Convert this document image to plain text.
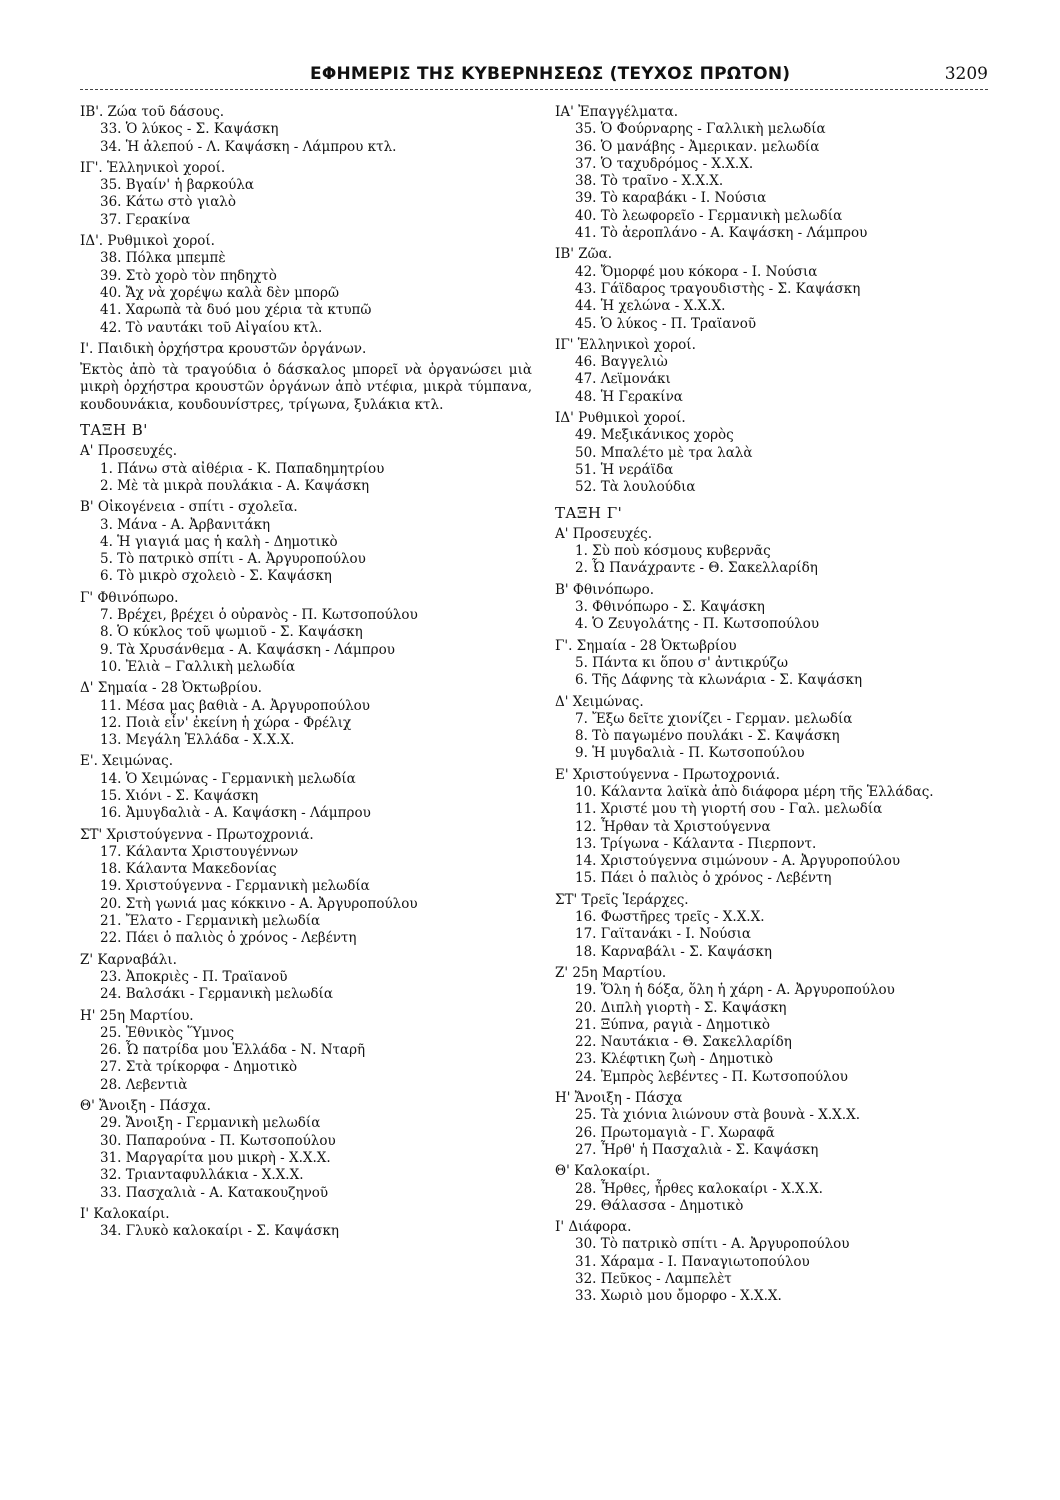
ΕΦΗΜΕΡΙΣ ΤΗΣ ΚΥΒΕΡΝΗΣΕΩΣ (ΤΕΥΧΟΣ ΠΡΩΤΟΝ)	3209
ΙΒ'. Ζώα τοῦ δάσους.
33. Ὁ λύκος - Σ. Καψάσκη
34. Ἡ ἀλεπού - Λ. Καψάσκη - Λάμπρου κτλ.
ΙΓ'. Ἑλληνικοὶ χοροί.
35. Βγαίν' ἡ βαρκούλα
36. Κάτω στὸ γιαλὸ
37. Γερακίνα
ΙΔ'. Ρυθμικοὶ χοροί.
38. Πόλκα μπεμπὲ
39. Στὸ χορὸ τὸν πηδηχτὸ
40. Ἄχ νὰ χορέψω καλὰ δὲν μπορῶ
41. Χαρωπὰ τὰ δυό μου χέρια τὰ κτυπῶ
42. Τὸ ναυτάκι τοῦ Αἰγαίου κτλ.
Ι'. Παιδικὴ ὀρχήστρα κρουστῶν ὀργάνων.
Ἐκτὸς ἀπὸ τὰ τραγούδια ὁ δάσκαλος μπορεῖ νὰ ὀργανώσει μιὰ μικρὴ ὀρχήστρα κρουστῶν ὀργάνων ἀπὸ ντέφια, μικρὰ τύμπανα, κουδουνάκια, κουδουνίστρες, τρίγωνα, ξυλάκια κτλ.
ΤΑΞΗ Β'
Α' Προσευχές.
1. Πάνω στὰ αἰθέρια - Κ. Παπαδημητρίου
2. Μὲ τὰ μικρὰ πουλάκια - Α. Καψάσκη
Β' Οἰκογένεια - σπίτι - σχολεῖα.
3. Μάνα - Α. Ἀρβανιτάκη
4. Ἡ γιαγιά μας ἡ καλὴ - Δημοτικὸ
5. Τὸ πατρικὸ σπίτι - Α. Ἀργυροπούλου
6. Τὸ μικρὸ σχολειὸ - Σ. Καψάσκη
Γ' Φθινόπωρο.
7. Βρέχει, βρέχει ὁ οὐρανὸς - Π. Κωτσοπούλου
8. Ὁ κύκλος τοῦ ψωμιοῦ - Σ. Καψάσκη
9. Τὰ Χρυσάνθεμα - Α. Καψάσκη - Λάμπρου
10. Ἐλιὰ – Γαλλικὴ μελωδία
Δ' Σημαία - 28 Ὀκτωβρίου.
11. Μέσα μας βαθιὰ - Α. Ἀργυροπούλου
12. Ποιὰ εἶν' ἐκείνη ἡ χώρα - Φρέλιχ
13. Μεγάλη Ἑλλάδα - Χ.Χ.Χ.
Ε'. Χειμώνας.
14. Ὁ Χειμώνας - Γερμανικὴ μελωδία
15. Χιόνι - Σ. Καψάσκη
16. Ἀμυγδαλιὰ - Α. Καψάσκη - Λάμπρου
ΣΤ' Χριστούγεννα - Πρωτοχρονιά.
17. Κάλαντα Χριστουγέννων
18. Κάλαντα Μακεδονίας
19. Χριστούγεννα - Γερμανικὴ μελωδία
20. Στὴ γωνιά μας κόκκινο - Α. Ἀργυροπούλου
21. Ἔλατο - Γερμανικὴ μελωδία
22. Πάει ὁ παλιὸς ὁ χρόνος - Λεβέντη
Ζ' Καρναβάλι.
23. Ἀποκριὲς - Π. Τραϊανοῦ
24. Βαλσάκι - Γερμανικὴ μελωδία
Η' 25η Μαρτίου.
25. Ἐθνικὸς Ὕμνος
26. Ὦ πατρίδα μου Ἑλλάδα - Ν. Νταρῆ
27. Στὰ τρίκορφα - Δημοτικὸ
28. Λεβεντιὰ
Θ' Ἄνοιξη - Πάσχα.
29. Ἄνοιξη - Γερμανικὴ μελωδία
30. Παπαρούνα - Π. Κωτσοπούλου
31. Μαργαρίτα μου μικρὴ - Χ.Χ.Χ.
32. Τριανταφυλλάκια - Χ.Χ.Χ.
33. Πασχαλιὰ - Α. Κατακουζηνοῦ
Ι' Καλοκαίρι.
34. Γλυκὸ καλοκαίρι - Σ. Καψάσκη
ΙΑ' Ἐπαγγέλματα.
35. Ὁ Φούρναρης - Γαλλικὴ μελωδία
36. Ὁ μανάβης - Ἀμερικαν. μελωδία
37. Ὁ ταχυδρόμος - Χ.Χ.Χ.
38. Τὸ τραῖνο - Χ.Χ.Χ.
39. Τὸ καραβάκι - Ι. Νούσια
40. Τὸ λεωφορεῖο - Γερμανικὴ μελωδία
41. Τὸ ἀεροπλάνο - Α. Καψάσκη - Λάμπρου
ΙΒ' Ζῶα.
42. Ὄμορφέ μου κόκορα - Ι. Νούσια
43. Γάϊδαρος τραγουδιστὴς - Σ. Καψάσκη
44. Ἡ χελώνα - Χ.Χ.Χ.
45. Ὁ λύκος - Π. Τραϊανοῦ
ΙΓ' Ἑλληνικοὶ χοροί.
46. Βαγγελιὼ
47. Λεϊμονάκι
48. Ἡ Γερακίνα
ΙΔ' Ρυθμικοὶ χοροί.
49. Μεξικάνικος χορὸς
50. Μπαλέτο μὲ τρα λαλὰ
51. Ἡ νεράϊδα
52. Τὰ λουλούδια
ΤΑΞΗ Γ'
Α' Προσευχές.
1. Σὺ ποὺ κόσμους κυβερνᾶς
2. Ὦ Πανάχραντε - Θ. Σακελλαρίδη
Β' Φθινόπωρο.
3. Φθινόπωρο - Σ. Καψάσκη
4. Ὁ Ζευγολάτης - Π. Κωτσοπούλου
Γ'. Σημαία - 28 Ὀκτωβρίου
5. Πάντα κι ὅπου σ' ἀντικρύζω
6. Τῆς Δάφνης τὰ κλωνάρια - Σ. Καψάσκη
Δ' Χειμώνας.
7. Ἔξω δεῖτε χιονίζει - Γερμαν. μελωδία
8. Τὸ παγωμένο πουλάκι - Σ. Καψάσκη
9. Ἡ μυγδαλιὰ - Π. Κωτσοπούλου
Ε' Χριστούγεννα - Πρωτοχρονιά.
10. Κάλαντα λαϊκὰ ἀπὸ διάφορα μέρη τῆς Ἑλλάδας.
11. Χριστέ μου τὴ γιορτή σου - Γαλ. μελωδία
12. Ἦρθαν τὰ Χριστούγεννα
13. Τρίγωνα - Κάλαντα - Πιερποντ.
14. Χριστούγεννα σιμώνουν - Α. Ἀργυροπούλου
15. Πάει ὁ παλιὸς ὁ χρόνος - Λεβέντη
ΣΤ' Τρεῖς Ἱεράρχες.
16. Φωστῆρες τρεῖς - Χ.Χ.Χ.
17. Γαϊτανάκι - Ι. Νούσια
18. Καρναβάλι - Σ. Καψάσκη
Ζ' 25η Μαρτίου.
19. Ὅλη ἡ δόξα, ὅλη ἡ χάρη - Α. Ἀργυροπούλου
20. Διπλὴ γιορτὴ - Σ. Καψάσκη
21. Ξύπνα, ραγιὰ - Δημοτικὸ
22. Ναυτάκια - Θ. Σακελλαρίδη
23. Κλέφτικη ζωὴ - Δημοτικὸ
24. Ἐμπρὸς λεβέντες - Π. Κωτσοπούλου
Η' Ἄνοιξη - Πάσχα
25. Τὰ χιόνια λιώνουν στὰ βουνὰ - Χ.Χ.Χ.
26. Πρωτομαγιὰ - Γ. Χωραφᾶ
27. Ἦρθ' ἡ Πασχαλιὰ - Σ. Καψάσκη
Θ' Καλοκαίρι.
28. Ἦρθες, ἦρθες καλοκαίρι - Χ.Χ.Χ.
29. Θάλασσα - Δημοτικὸ
Ι' Διάφορα.
30. Τὸ πατρικὸ σπίτι - Α. Ἀργυροπούλου
31. Χάραμα - Ι. Παναγιωτοπούλου
32. Πεῦκος - Λαμπελὲτ
33. Χωριὸ μου ὄμορφο - Χ.Χ.Χ.
